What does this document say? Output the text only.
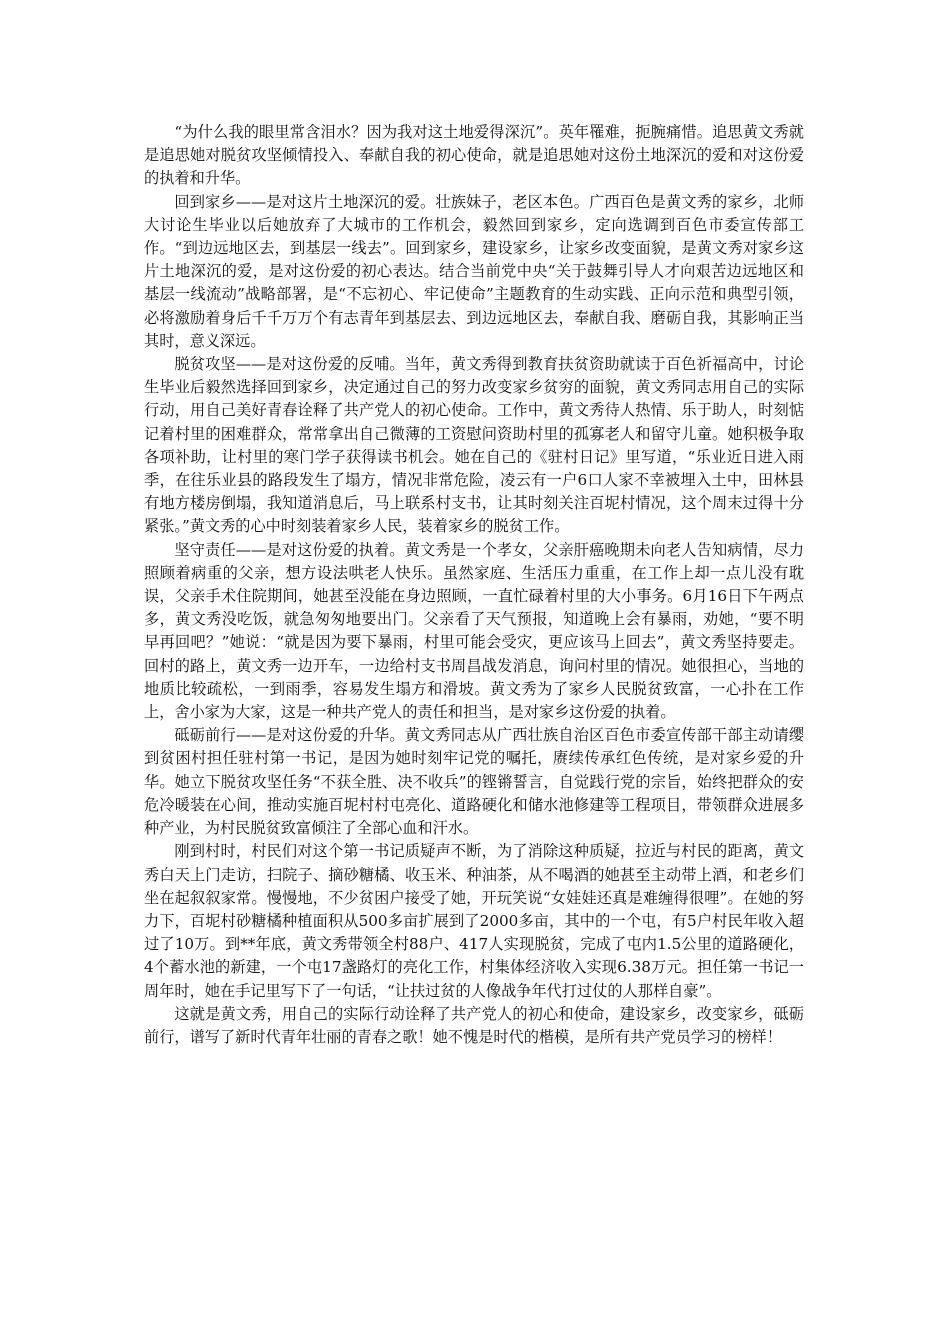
“为什么我的眼里常含泪水？因为我对这土地爱得深沉”。英年罹难，扼腕痛惜。追思黄文秀就是追思她对脱贫攻坚倾情投入、奉献自我的初心使命，就是追思她对这份土地深沉的爱和对这份爱的执着和升华。

回到家乡——是对这片土地深沉的爱。壮族妹子，老区本色。广西百色是黄文秀的家乡，北师大讨论生毕业以后她放弃了大城市的工作机会，毅然回到家乡，定向选调到百色市委宣传部工作。“到边远地区去，到基层一线去”。回到家乡，建设家乡，让家乡改变面貌，是黄文秀对家乡这片土地深沉的爱，是对这份爱的初心表达。结合当前党中央“关于鼓舞引导人才向艰苦边远地区和基层一线流动”战略部署，是“不忘初心、牢记使命”主题教育的生动实践、正向示范和典型引领，必将激励着身后千千万万个有志青年到基层去、到边远地区去，奉献自我、磨砺自我，其影响正当其时，意义深远。

脱贫攻坚——是对这份爱的反哺。当年，黄文秀得到教育扶贫资助就读于百色祈福高中，讨论生毕业后毅然选择回到家乡，决定通过自己的努力改变家乡贫穷的面貌，黄文秀同志用自己的实际行动，用自己美好青春诠释了共产党人的初心使命。工作中，黄文秀待人热情、乐于助人，时刻惦记着村里的困难群众，常常拿出自己微薄的工资慰问资助村里的孤寡老人和留守儿童。她积极争取各项补助，让村里的寒门学子获得读书机会。她在自己的《驻村日记》里写道，“乐业近日进入雨季，在往乐业县的路段发生了塌方，情况非常危险，凌云有一户6口人家不幸被埋入土中，田林县有地方楼房倒塌，我知道消息后，马上联系村支书，让其时刻关注百坭村情况，这个周末过得十分紧张。”黄文秀的心中时刻装着家乡人民，装着家乡的脱贫工作。

坚守责任——是对这份爱的执着。黄文秀是一个孝女，父亲肝癌晚期未向老人告知病情，尽力照顾着病重的父亲，想方设法哄老人快乐。虽然家庭、生活压力重重，在工作上却一点儿没有耽误，父亲手术住院期间，她甚至没能在身边照顾，一直忙碌着村里的大小事务。6月16日下午两点多，黄文秀没吃饭，就急匆匆地要出门。父亲看了天气预报，知道晚上会有暴雨，劝她，“要不明早再回吧？”她说：“就是因为要下暴雨，村里可能会受灾，更应该马上回去”，黄文秀坚持要走。回村的路上，黄文秀一边开车，一边给村支书周昌战发消息，询问村里的情况。她很担心，当地的地质比较疏松，一到雨季，容易发生塌方和滑坡。黄文秀为了家乡人民脱贫致富，一心扑在工作上，舍小家为大家，这是一种共产党人的责任和担当，是对家乡这份爱的执着。

砥砺前行——是对这份爱的升华。黄文秀同志从广西壮族自治区百色市委宣传部干部主动请缨到贫困村担任驻村第一书记，是因为她时刻牢记党的嘱托，赓续传承红色传统，是对家乡爱的升华。她立下脱贫攻坚任务“不获全胜、决不收兵”的铿锵誓言，自觉践行党的宗旨，始终把群众的安危冷暖装在心间，推动实施百坭村村屯亮化、道路硬化和储水池修建等工程项目，带领群众进展多种产业，为村民脱贫致富倾注了全部心血和汗水。

刚到村时，村民们对这个第一书记质疑声不断，为了消除这种质疑，拉近与村民的距离，黄文秀白天上门走访，扫院子、摘砂糖橘、收玉米、种油茶，从不喝酒的她甚至主动带上酒，和老乡们坐在起叙叙家常。慢慢地，不少贫困户接受了她，开玩笑说“女娃娃还真是难缠得很哩”。在她的努力下，百坭村砂糖橘种植面积从500多亩扩展到了2000多亩，其中的一个屯，有5户村民年收入超过了10万。到**年底，黄文秀带领全村88户、417人实现脱贫，完成了屯内1.5公里的道路硬化，4个蓄水池的新建，一个屯17盏路灯的亮化工作，村集体经济收入实现6.38万元。担任第一书记一周年时，她在手记里写下了一句话，“让扶过贫的人像战争年代打过仗的人那样自豪”。

这就是黄文秀，用自己的实际行动诠释了共产党人的初心和使命，建设家乡，改变家乡，砥砺前行，谱写了新时代青年壮丽的青春之歌！她不愧是时代的楷模，是所有共产党员学习的榜样！
